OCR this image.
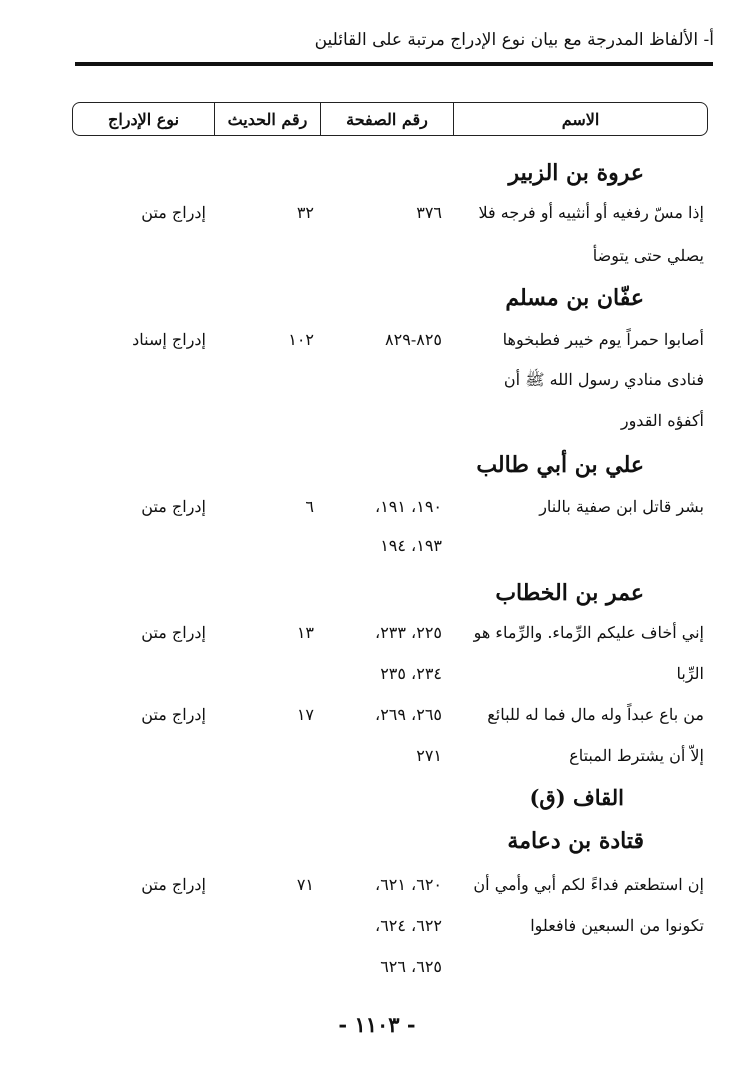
أ- الألفاظ المدرجة مع بيان نوع الإدراج مرتبة على القائلين
الاسم
رقم الصفحة
رقم الحديث
نوع الإدراج
عروة بن الزبير
إذا مسّ رفغيه أو أنثييه أو فرجه فلا
يصلي حتى يتوضأ
٣٧٦
٣٢
إدراج متن
عفّان بن مسلم
أصابوا حمراً يوم خيبر فطبخوها
فنادى منادي رسول الله ﷺ أن
أكفؤه القدور
٨٢٥-٨٢٩
١٠٢
إدراج إسناد
علي بن أبي طالب
بشر قاتل ابن صفية بالنار
١٩٠، ١٩١،
١٩٣، ١٩٤
٦
إدراج متن
عمر بن الخطاب
إني أخاف عليكم الرِّماء. والرِّماء هو
الرِّبا
٢٢٥، ٢٣٣،
٢٣٤، ٢٣٥
١٣
إدراج متن
من باع عبداً وله مال فما له للبائع
إلاّ أن يشترط المبتاع
٢٦٥، ٢٦٩،
٢٧١
١٧
إدراج متن
القاف (ق)
قتادة بن دعامة
إن استطعتم فداءً لكم أبي وأمي أن
تكونوا من السبعين فافعلوا
٦٢٠، ٦٢١،
٦٢٢، ٦٢٤،
٦٢٥، ٦٢٦
٧١
إدراج متن
- ١١٠٣ -
